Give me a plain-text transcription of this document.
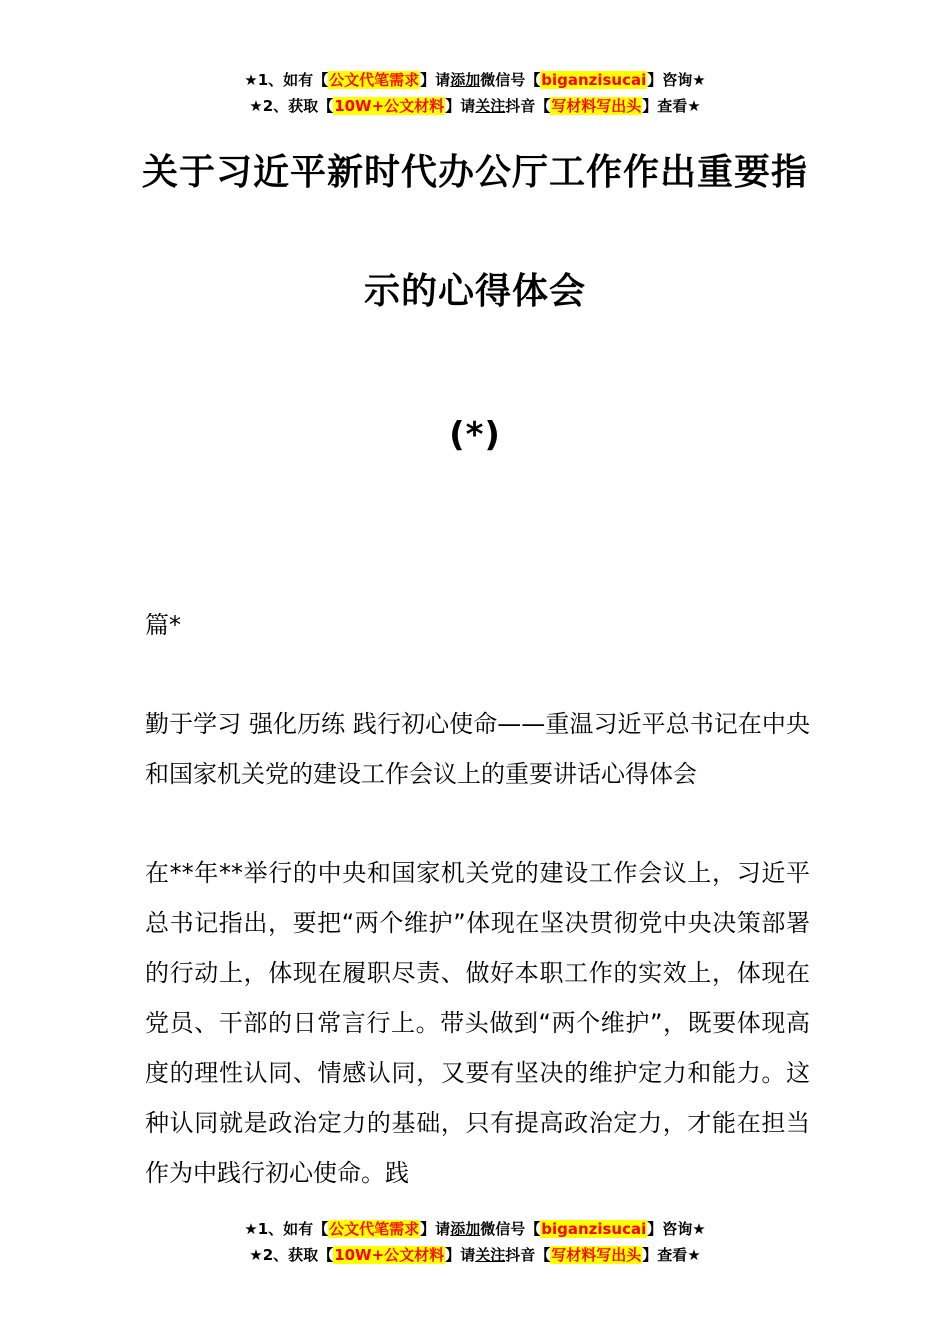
★1、如有【公文代笔需求】请添加微信号【biganzisucai】咨询★
★2、获取【10W+公文材料】请关注抖音【写材料写出头】查看★
关于习近平新时代办公厅工作作出重要指
示的心得体会
(*)
篇*
勤于学习 强化历练 践行初心使命——重温习近平总书记在中央和国家机关党的建设工作会议上的重要讲话心得体会
在**年**举行的中央和国家机关党的建设工作会议上，习近平总书记指出，要把“两个维护”体现在坚决贯彻党中央决策部署的行动上，体现在履职尽责、做好本职工作的实效上，体现在党员、干部的日常言行上。带头做到“两个维护”，既要体现高度的理性认同、情感认同，又要有坚决的维护定力和能力。这种认同就是政治定力的基础，只有提高政治定力，才能在担当作为中践行初心使命。践
★1、如有【公文代笔需求】请添加微信号【biganzisucai】咨询★
★2、获取【10W+公文材料】请关注抖音【写材料写出头】查看★
